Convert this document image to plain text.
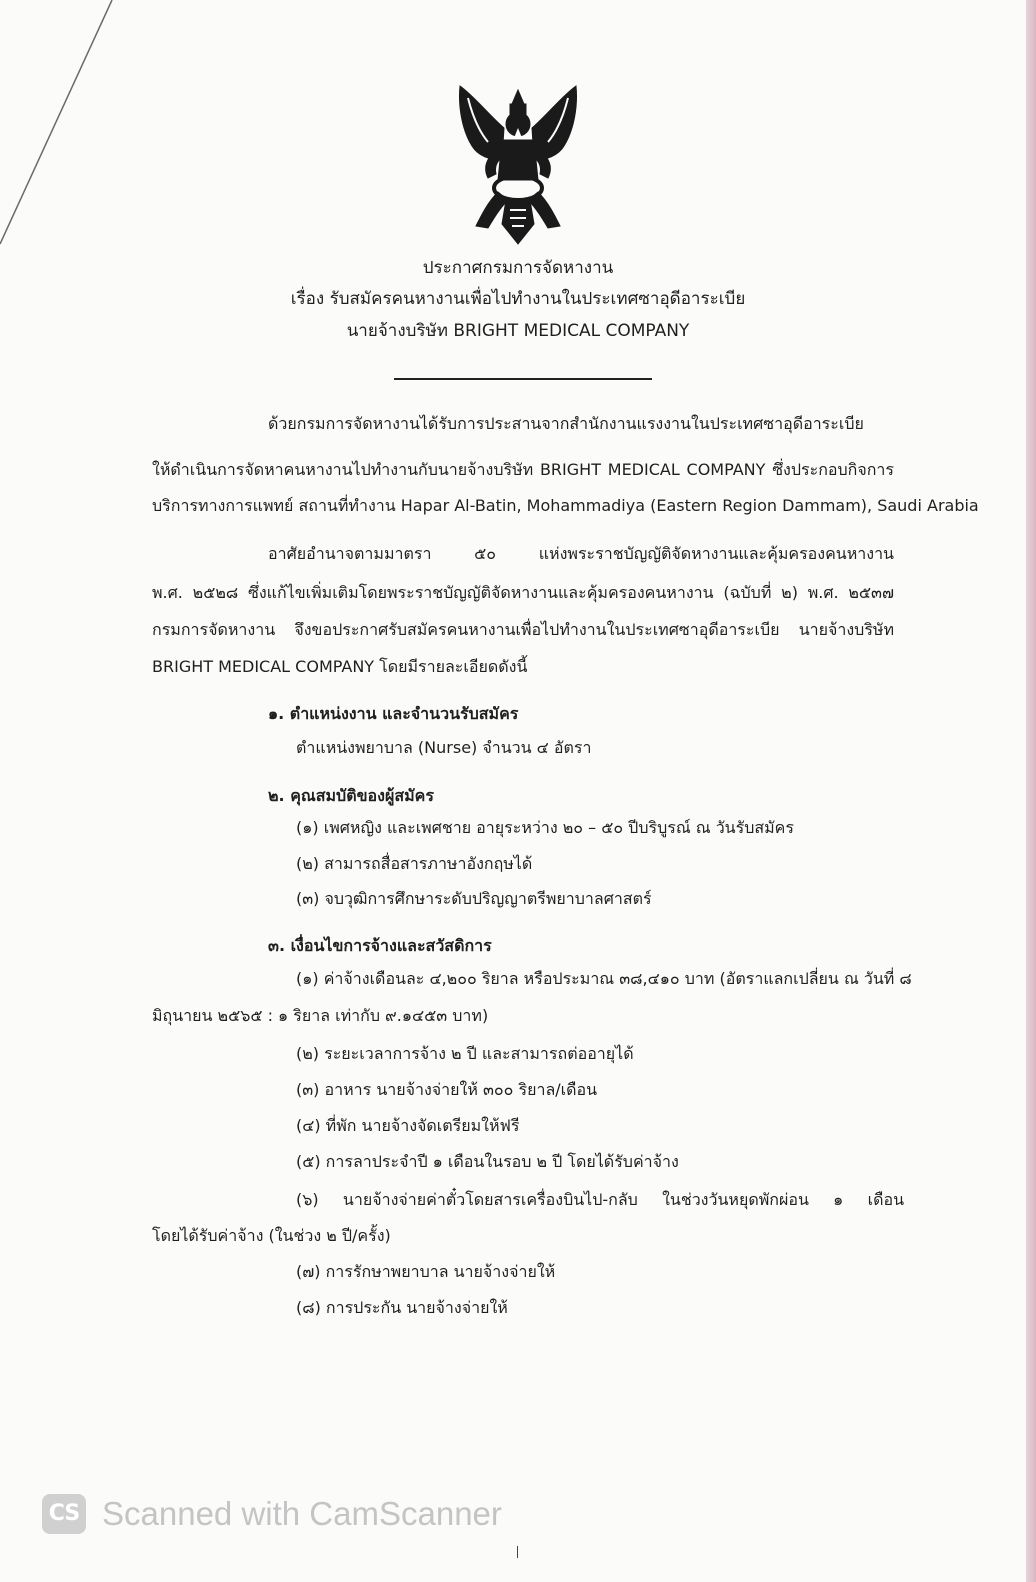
ประกาศกรมการจัดหางาน
เรื่อง รับสมัครคนหางานเพื่อไปทำงานในประเทศซาอุดีอาระเบีย
นายจ้างบริษัท BRIGHT MEDICAL COMPANY
ด้วยกรมการจัดหางานได้รับการประสานจากสำนักงานแรงงานในประเทศซาอุดีอาระเบีย
ให้ดำเนินการจัดหาคนหางานไปทำงานกับนายจ้างบริษัท BRIGHT MEDICAL COMPANY ซึ่งประกอบกิจการ
บริการทางการแพทย์ สถานที่ทำงาน Hapar Al-Batin, Mohammadiya (Eastern Region Dammam), Saudi Arabia
อาศัยอำนาจตามมาตรา ๕๐ แห่งพระราชบัญญัติจัดหางานและคุ้มครองคนหางาน
พ.ศ. ๒๕๒๘ ซึ่งแก้ไขเพิ่มเติมโดยพระราชบัญญัติจัดหางานและคุ้มครองคนหางาน (ฉบับที่ ๒) พ.ศ. ๒๕๓๗
กรมการจัดหางาน จึงขอประกาศรับสมัครคนหางานเพื่อไปทำงานในประเทศซาอุดีอาระเบีย นายจ้างบริษัท
BRIGHT MEDICAL COMPANY โดยมีรายละเอียดดังนี้
๑. ตำแหน่งงาน และจำนวนรับสมัคร
ตำแหน่งพยาบาล (Nurse) จำนวน ๔ อัตรา
๒. คุณสมบัติของผู้สมัคร
(๑) เพศหญิง และเพศชาย อายุระหว่าง ๒๐ – ๕๐ ปีบริบูรณ์ ณ วันรับสมัคร
(๒) สามารถสื่อสารภาษาอังกฤษได้
(๓) จบวุฒิการศึกษาระดับปริญญาตรีพยาบาลศาสตร์
๓. เงื่อนไขการจ้างและสวัสดิการ
(๑) ค่าจ้างเดือนละ ๔,๒๐๐ ริยาล หรือประมาณ ๓๘,๔๑๐ บาท (อัตราแลกเปลี่ยน ณ วันที่ ๘
มิถุนายน ๒๕๖๕ : ๑ ริยาล เท่ากับ ๙.๑๔๕๓ บาท)
(๒) ระยะเวลาการจ้าง ๒ ปี และสามารถต่ออายุได้
(๓) อาหาร นายจ้างจ่ายให้ ๓๐๐ ริยาล/เดือน
(๔) ที่พัก นายจ้างจัดเตรียมให้ฟรี
(๕) การลาประจำปี ๑ เดือนในรอบ ๒ ปี โดยได้รับค่าจ้าง
(๖) นายจ้างจ่ายค่าตั๋วโดยสารเครื่องบินไป-กลับ ในช่วงวันหยุดพักผ่อน ๑ เดือน
โดยได้รับค่าจ้าง (ในช่วง ๒ ปี/ครั้ง)
(๗) การรักษาพยาบาล นายจ้างจ่ายให้
(๘) การประกัน นายจ้างจ่ายให้
CS Scanned with CamScanner
